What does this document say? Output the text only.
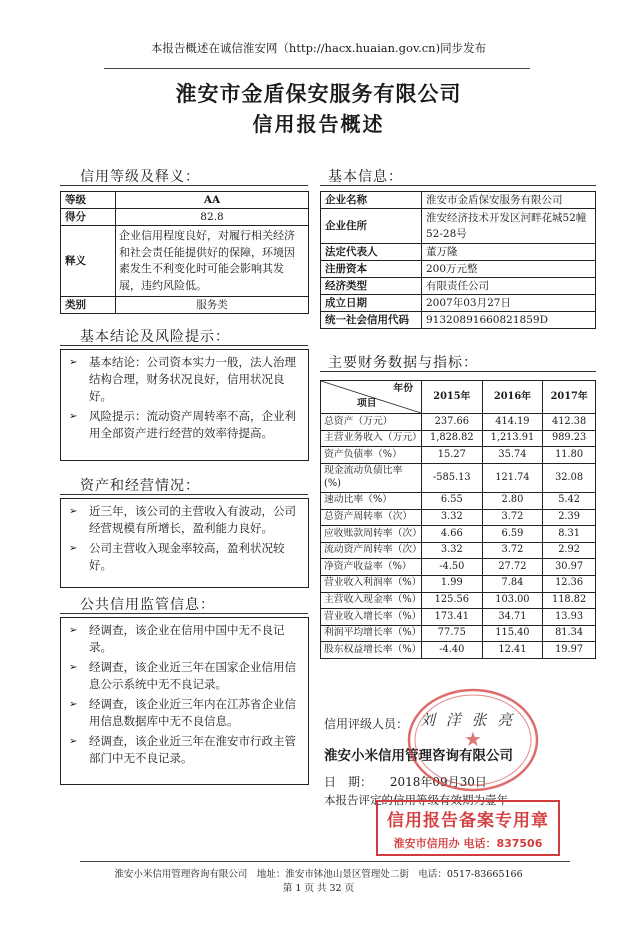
本报告概述在诚信淮安网（http://hacx.huaian.gov.cn)同步发布
淮安市金盾保安服务有限公司
信用报告概述
信用等级及释义：
等级	AA
得分	82.8
释义	企业信用程度良好，对履行相关经济和社会责任能提供好的保障，环境因素发生不利变化时可能会影响其发展，违约风险低。
类别	服务类
基本结论及风险提示：
➢ 基本结论：公司资本实力一般，法人治理结构合理，财务状况良好，信用状况良好。
➢ 风险提示：流动资产周转率不高，企业利用全部资产进行经营的效率待提高。
资产和经营情况：
➢ 近三年，该公司的主营收入有波动，公司经营规模有所增长，盈利能力良好。
➢ 公司主营收入现金率较高，盈利状况较好。
公共信用监管信息：
➢ 经调查，该企业在信用中国中无不良记录。
➢ 经调查，该企业近三年在国家企业信用信息公示系统中无不良记录。
➢ 经调查，该企业近三年内在江苏省企业信用信息数据库中无不良信息。
➢ 经调查，该企业近三年在淮安市行政主管部门中无不良记录。
基本信息：
企业名称	淮安市金盾保安服务有限公司
企业住所	淮安经济技术开发区河畔花城52幢52-28号
法定代表人	董万隆
注册资本	200万元整
经济类型	有限责任公司
成立日期	2007年03月27日
统一社会信用代码	91320891660821859D
主要财务数据与指标：
年份
项目	2015年	2016年	2017年
总资产（万元）	237.66	414.19	412.38
主营业务收入（万元）	1,828.82	1,213.91	989.23
资产负债率（%）	15.27	35.74	11.80
现金流动负债比率(%)	-585.13	121.74	32.08
速动比率（%）	6.55	2.80	5.42
总资产周转率（次）	3.32	3.72	2.39
应收账款周转率（次）	4.66	6.59	8.31
流动资产周转率（次）	3.32	3.72	2.92
净资产收益率（%）	-4.50	27.72	30.97
营业收入利润率（%）	1.99	7.84	12.36
主营收入现金率（%）	125.56	103.00	118.82
营业收入增长率（%）	173.41	34.71	13.93
利润平均增长率（%）	77.75	115.40	81.34
股东权益增长率（%）	-4.40	12.41	19.97
信用评级人员： 刘 洋 张 亮
淮安小米信用管理咨询有限公司
日　期： 2018年09月30日
本报告评定的信用等级有效期为壹年
★
信用报告备案专用章
淮安市信用办 电话：837506
淮安小米信用管理咨询有限公司　地址：淮安市钵池山景区管理处二街　电话：0517-83665166
第 1 页 共 32 页
